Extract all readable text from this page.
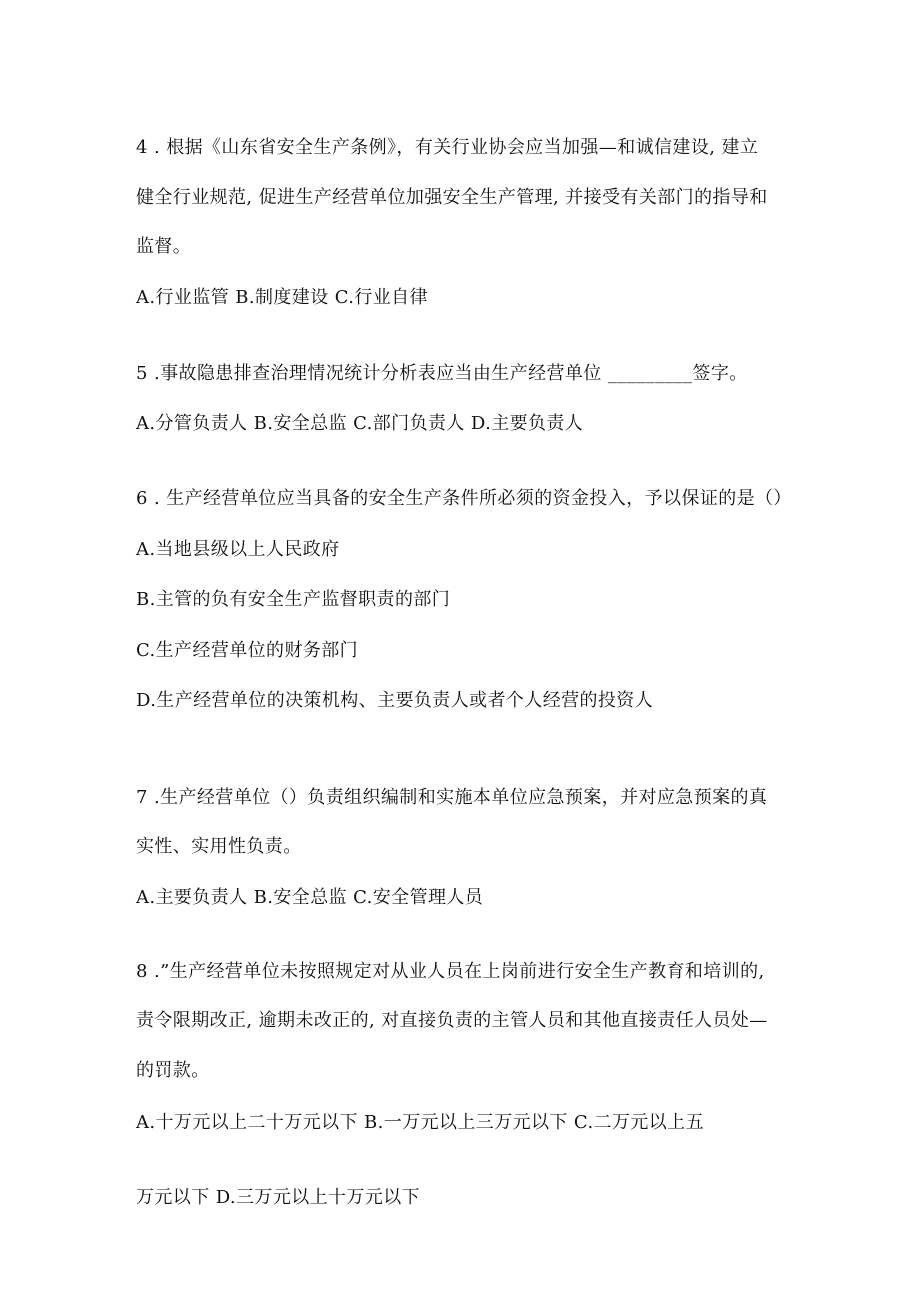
4 . 根据《山东省安全生产条例》，有关行业协会应当加强—和诚信建设, 建立
健全行业规范, 促进生产经营单位加强安全生产管理, 并接受有关部门的指导和
监督。
A.行业监管 B.制度建设 C.行业自律
5 .事故隐患排查治理情况统计分析表应当由生产经营单位 _________签字。
A.分管负责人 B.安全总监 C.部门负责人 D.主要负责人
6 . 生产经营单位应当具备的安全生产条件所必须的资金投入，予以保证的是（）
A.当地县级以上人民政府
B.主管的负有安全生产监督职责的部门
C.生产经营单位的财务部门
D.生产经营单位的决策机构、主要负责人或者个人经营的投资人
7 .生产经营单位（）负责组织编制和实施本单位应急预案，并对应急预案的真
实性、实用性负责。
A.主要负责人 B.安全总监 C.安全管理人员
8 .”生产经营单位未按照规定对从业人员在上岗前进行安全生产教育和培训的,
责令限期改正, 逾期未改正的, 对直接负责的主管人员和其他直接责任人员处—
的罚款。
A.十万元以上二十万元以下 B.一万元以上三万元以下 C.二万元以上五
万元以下 D.三万元以上十万元以下
